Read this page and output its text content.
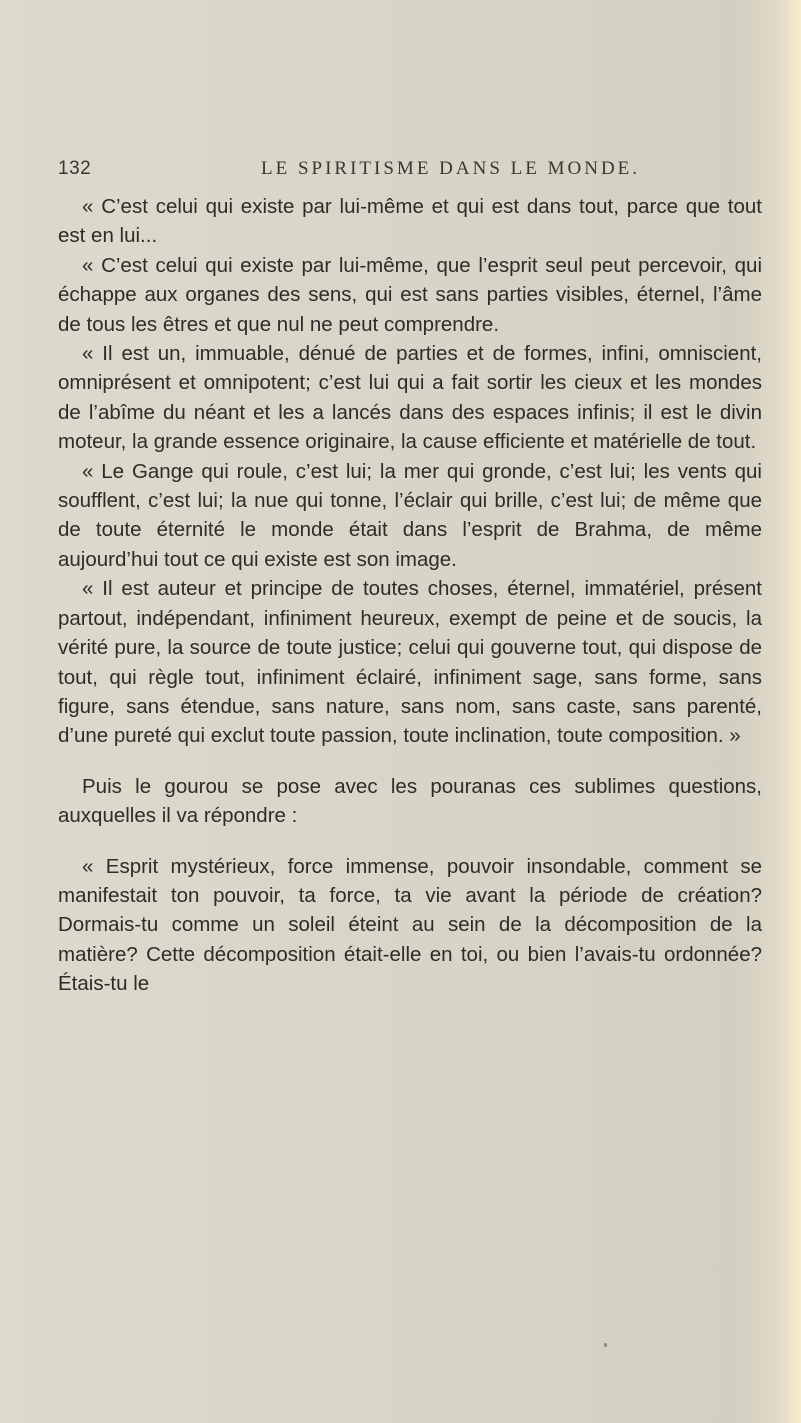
132	LE SPIRITISME DANS LE MONDE.

« C’est celui qui existe par lui-même et qui est dans tout, parce que tout est en lui...

« C’est celui qui existe par lui-même, que l’esprit seul peut percevoir, qui échappe aux organes des sens, qui est sans parties visibles, éternel, l’âme de tous les êtres et que nul ne peut comprendre.

« Il est un, immuable, dénué de parties et de formes, infini, omniscient, omniprésent et omnipotent; c’est lui qui a fait sortir les cieux et les mondes de l’abîme du néant et les a lancés dans des espaces infinis; il est le divin moteur, la grande essence originaire, la cause efficiente et matérielle de tout.

« Le Gange qui roule, c’est lui; la mer qui gronde, c’est lui; les vents qui soufflent, c’est lui; la nue qui tonne, l’éclair qui brille, c’est lui; de même que de toute éternité le monde était dans l’esprit de Brahma, de même aujourd’hui tout ce qui existe est son image.

« Il est auteur et principe de toutes choses, éternel, immatériel, présent partout, indépendant, infiniment heureux, exempt de peine et de soucis, la vérité pure, la source de toute justice; celui qui gouverne tout, qui dispose de tout, qui règle tout, infiniment éclairé, infiniment sage, sans forme, sans figure, sans étendue, sans nature, sans nom, sans caste, sans parenté, d’une pureté qui exclut toute passion, toute inclination, toute composition. »

Puis le gourou se pose avec les pouranas ces sublimes questions, auxquelles il va répondre :

« Esprit mystérieux, force immense, pouvoir insondable, comment se manifestait ton pouvoir, ta force, ta vie avant la période de création? Dormais-tu comme un soleil éteint au sein de la décomposition de la matière? Cette décomposition était-elle en toi, ou bien l’avais-tu ordonnée? Étais-tu le
